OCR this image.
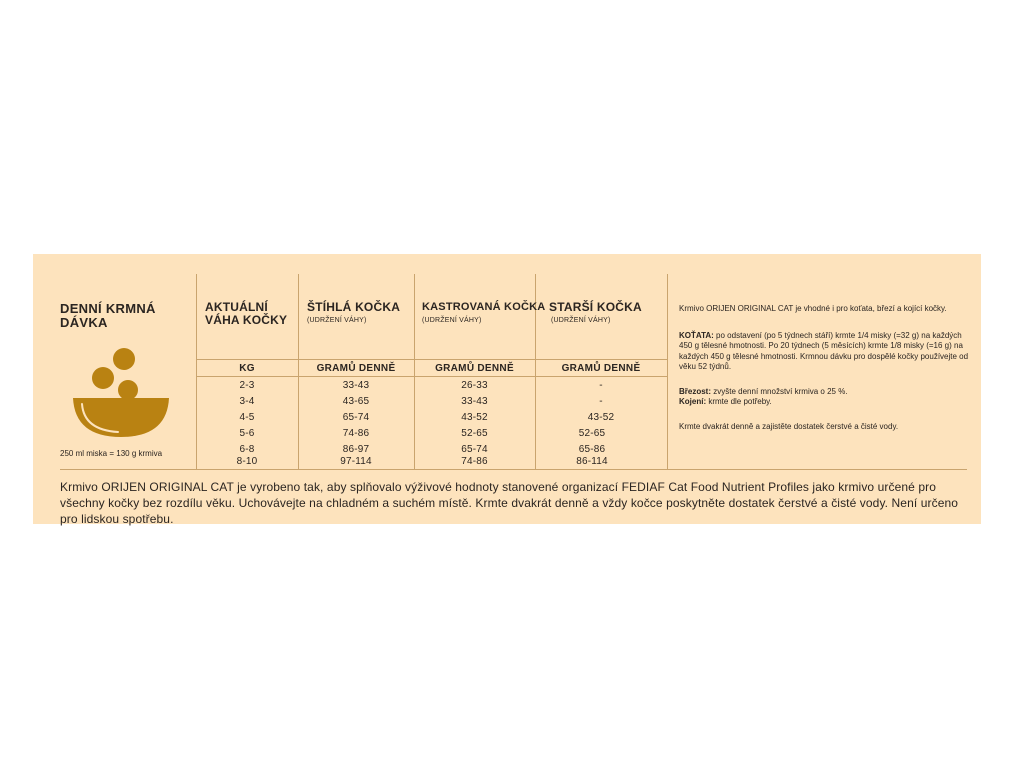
DENNÍ KRMNÁ
DÁVKA
250 ml miska = 130 g krmiva
AKTUÁLNÍ
VÁHA KOČKY
ŠTÍHLÁ KOČKA
(UDRŽENÍ VÁHY)
KASTROVANÁ KOČKA
(UDRŽENÍ VÁHY)
STARŠÍ KOČKA
(UDRŽENÍ VÁHY)
KG	GRAMŮ DENNĚ	GRAMŮ DENNĚ	GRAMŮ DENNĚ
2-3	33-43	26-33	-
3-4	43-65	33-43	-
4-5	65-74	43-52	43-52
5-6	74-86	52-65	52-65
6-8	86-97	65-74	65-86
8-10	97-114	74-86	86-114

Krmivo ORIJEN ORIGINAL CAT je vhodné i pro koťata, březí a kojící kočky.

KOŤATA: po odstavení (po 5 týdnech stáří) krmte 1/4 misky (=32 g) na každých 450 g tělesné hmotnosti. Po 20 týdnech (5 měsících) krmte 1/8 misky (=16 g) na každých 450 g tělesné hmotnosti. Krmnou dávku pro dospělé kočky používejte od věku 52 týdnů.

Březost: zvyšte denní množství krmiva o 25 %.

Kojení: krmte dle potřeby.

Krmte dvakrát denně a zajistěte dostatek čerstvé a čisté vody.

Krmivo ORIJEN ORIGINAL CAT je vyrobeno tak, aby splňovalo výživové hodnoty stanovené organizací FEDIAF Cat Food Nutrient Profiles jako krmivo určené pro všechny kočky bez rozdílu věku. Uchovávejte na chladném a suchém místě. Krmte dvakrát denně a vždy kočce poskytněte dostatek čerstvé a čisté vody. Není určeno pro lidskou spotřebu.
